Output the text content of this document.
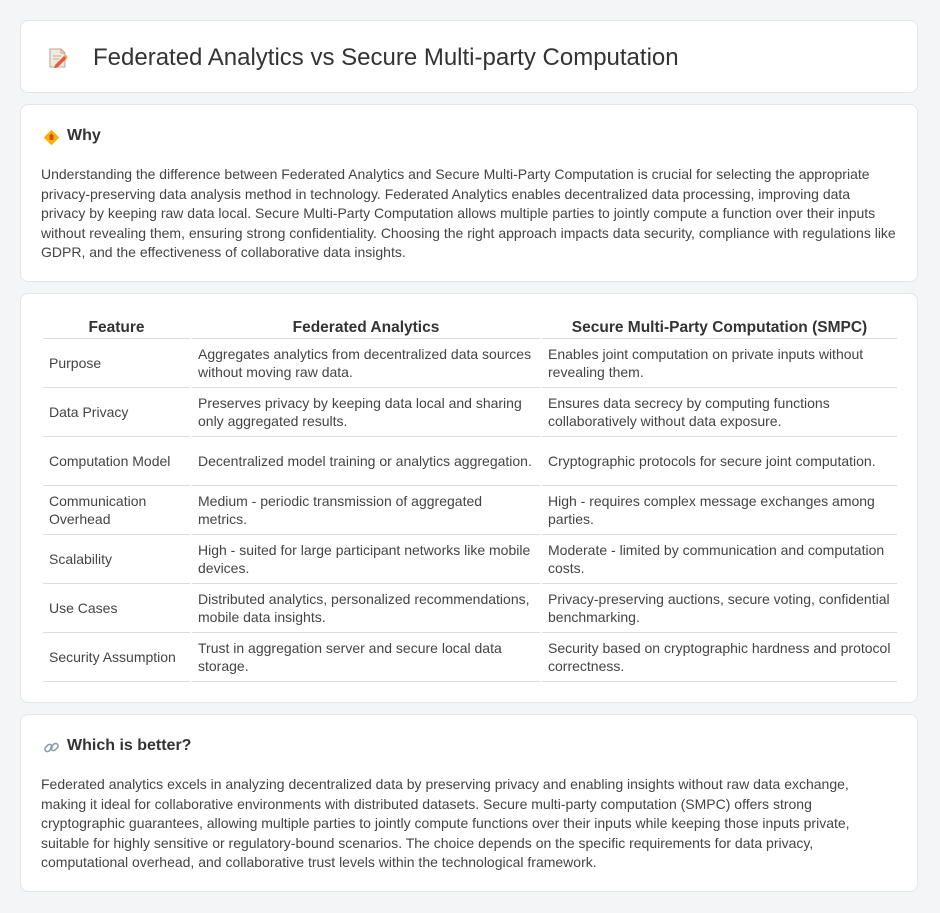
Federated Analytics vs Secure Multi-party Computation
Why

Understanding the difference between Federated Analytics and Secure Multi-Party Computation is crucial for selecting the appropriate privacy-preserving data analysis method in technology. Federated Analytics enables decentralized data processing, improving data privacy by keeping raw data local. Secure Multi-Party Computation allows multiple parties to jointly compute a function over their inputs without revealing them, ensuring strong confidentiality. Choosing the right approach impacts data security, compliance with regulations like GDPR, and the effectiveness of collaborative data insights.

Feature	Federated Analytics	Secure Multi-Party Computation (SMPC)
Purpose	Aggregates analytics from decentralized data sources without moving raw data.	Enables joint computation on private inputs without revealing them.
Data Privacy	Preserves privacy by keeping data local and sharing only aggregated results.	Ensures data secrecy by computing functions collaboratively without data exposure.
Computation Model	Decentralized model training or analytics aggregation.	Cryptographic protocols for secure joint computation.
Communication Overhead	Medium - periodic transmission of aggregated metrics.	High - requires complex message exchanges among parties.
Scalability	High - suited for large participant networks like mobile devices.	Moderate - limited by communication and computation costs.
Use Cases	Distributed analytics, personalized recommendations, mobile data insights.	Privacy-preserving auctions, secure voting, confidential benchmarking.
Security Assumption	Trust in aggregation server and secure local data storage.	Security based on cryptographic hardness and protocol correctness.
Which is better?

Federated analytics excels in analyzing decentralized data by preserving privacy and enabling insights without raw data exchange, making it ideal for collaborative environments with distributed datasets. Secure multi-party computation (SMPC) offers strong cryptographic guarantees, allowing multiple parties to jointly compute functions over their inputs while keeping those inputs private, suitable for highly sensitive or regulatory-bound scenarios. The choice depends on the specific requirements for data privacy, computational overhead, and collaborative trust levels within the technological framework.
